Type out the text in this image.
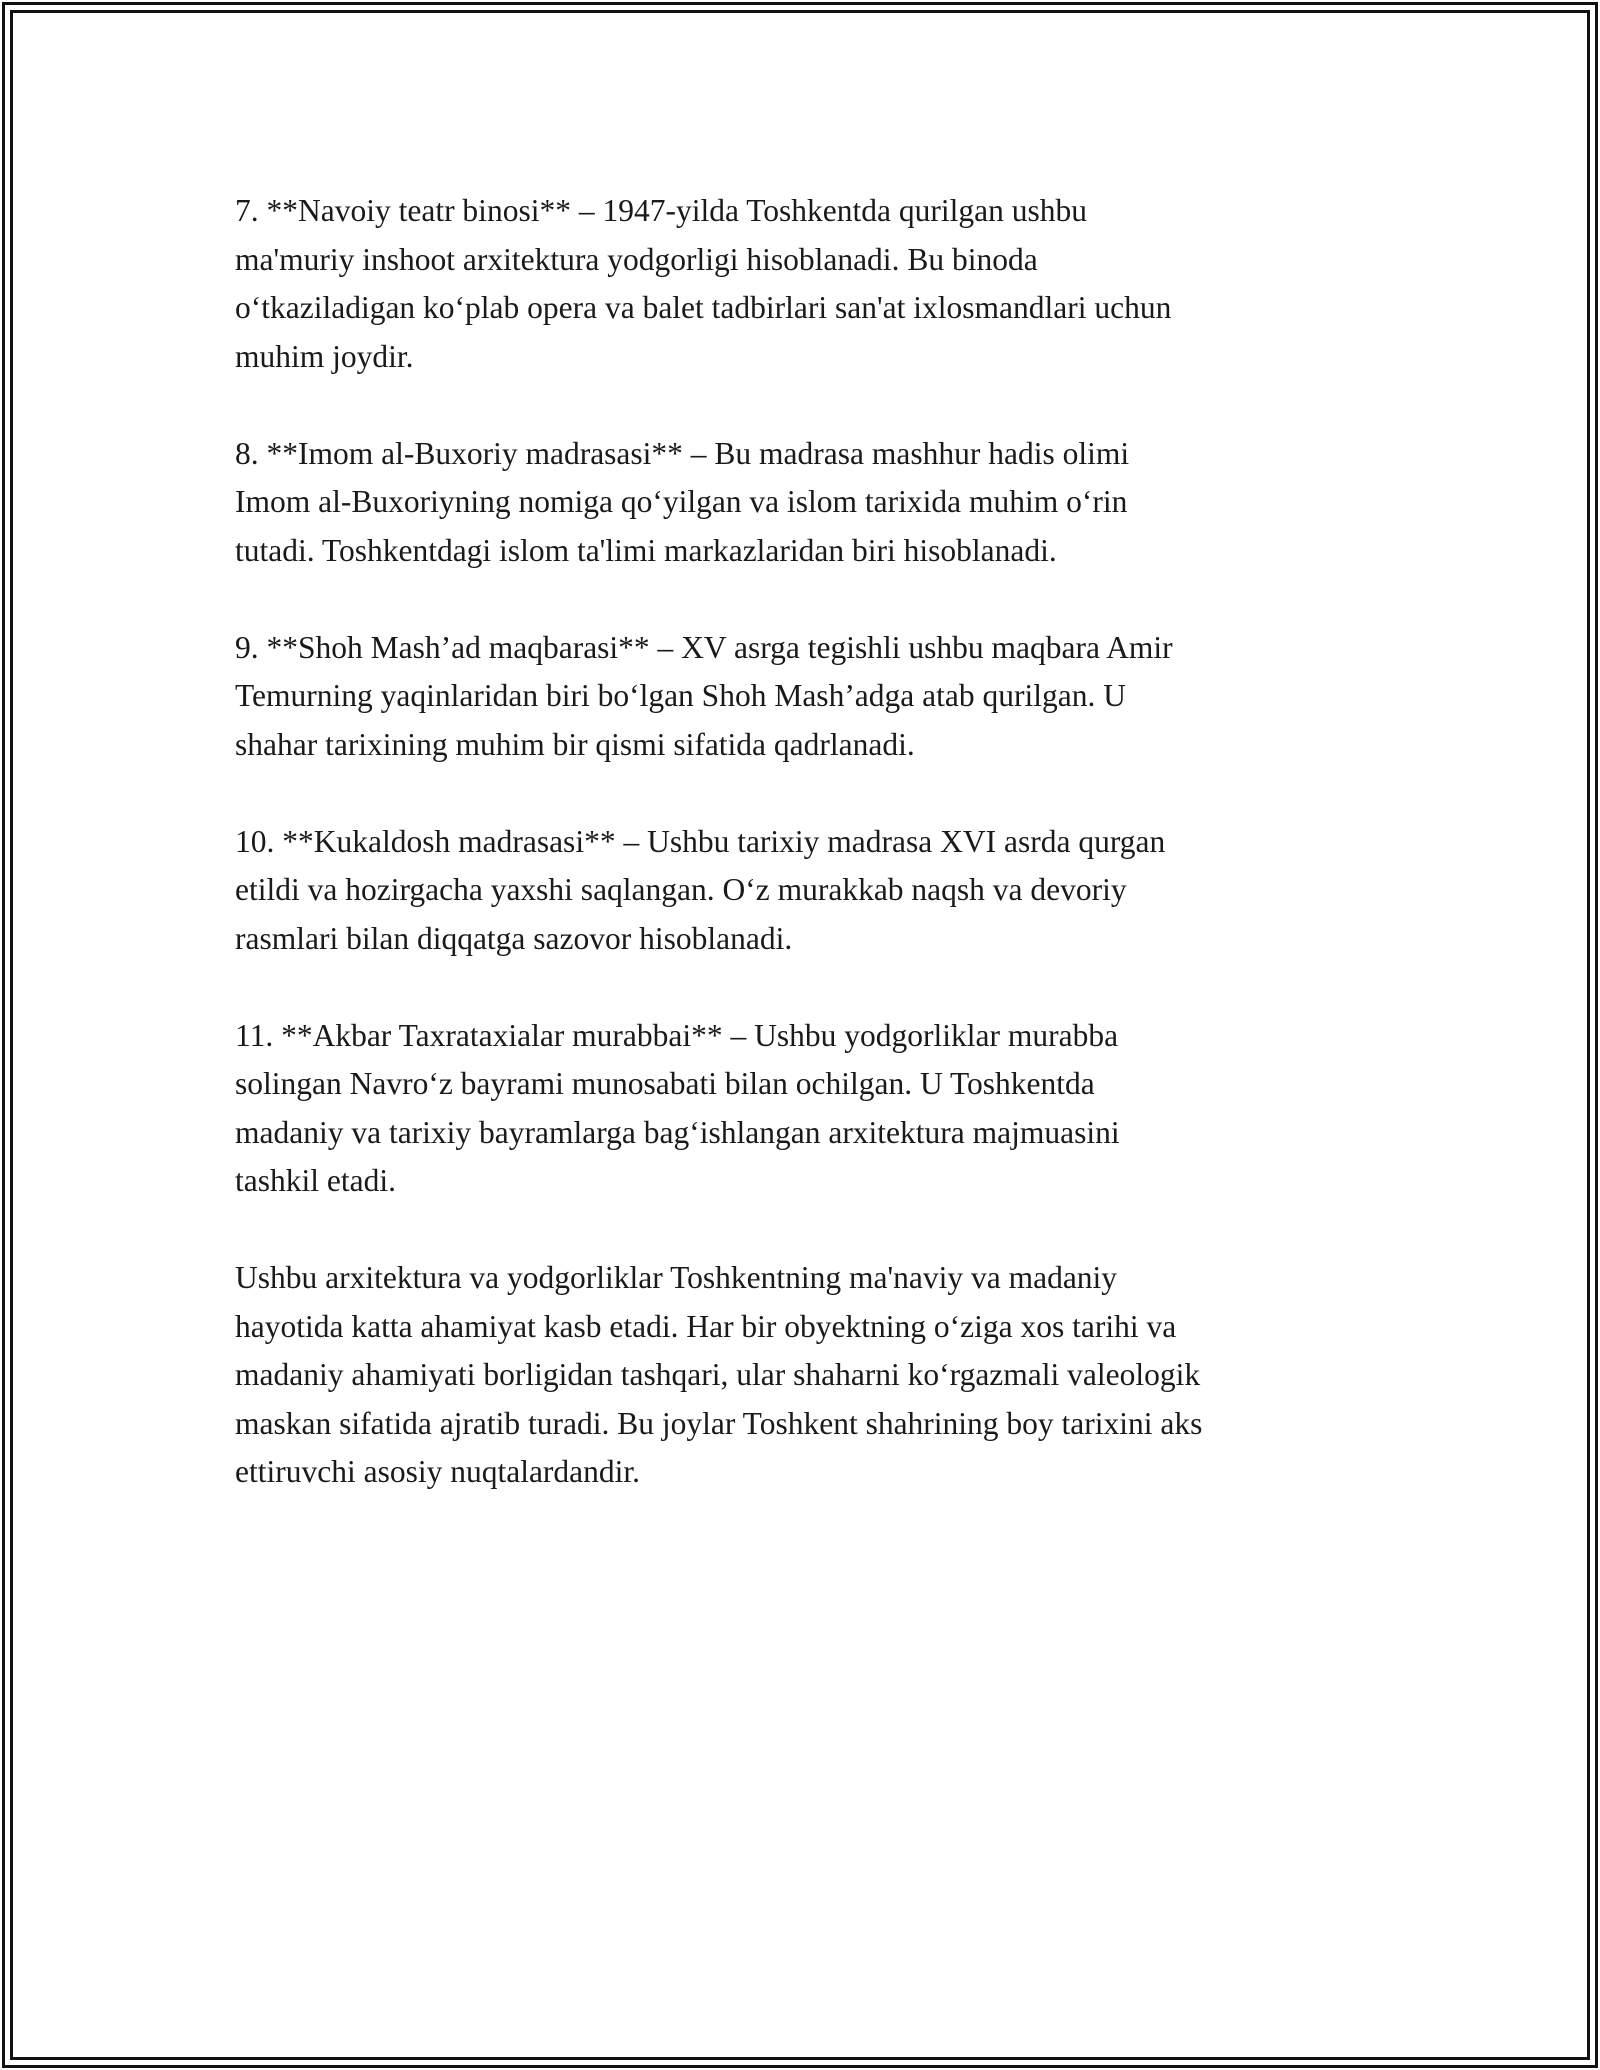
7. **Navoiy teatr binosi** – 1947-yilda Toshkentda qurilgan ushbu
ma'muriy inshoot arxitektura yodgorligi hisoblanadi. Bu binoda
o‘tkaziladigan ko‘plab opera va balet tadbirlari san'at ixlosmandlari uchun
muhim joydir.

8. **Imom al-Buxoriy madrasasi** – Bu madrasa mashhur hadis olimi
Imom al-Buxoriyning nomiga qo‘yilgan va islom tarixida muhim o‘rin
tutadi. Toshkentdagi islom ta'limi markazlaridan biri hisoblanadi.

9. **Shoh Mash’ad maqbarasi** – XV asrga tegishli ushbu maqbara Amir
Temurning yaqinlaridan biri bo‘lgan Shoh Mash’adga atab qurilgan. U
shahar tarixining muhim bir qismi sifatida qadrlanadi.

10. **Kukaldosh madrasasi** – Ushbu tarixiy madrasa XVI asrda qurgan
etildi va hozirgacha yaxshi saqlangan. O‘z murakkab naqsh va devoriy
rasmlari bilan diqqatga sazovor hisoblanadi.

11. **Akbar Taxrataxialar murabbai** – Ushbu yodgorliklar murabba
solingan Navro‘z bayrami munosabati bilan ochilgan. U Toshkentda
madaniy va tarixiy bayramlarga bag‘ishlangan arxitektura majmuasini
tashkil etadi.

Ushbu arxitektura va yodgorliklar Toshkentning ma'naviy va madaniy
hayotida katta ahamiyat kasb etadi. Har bir obyektning o‘ziga xos tarihi va
madaniy ahamiyati borligidan tashqari, ular shaharni ko‘rgazmali valeologik
maskan sifatida ajratib turadi. Bu joylar Toshkent shahrining boy tarixini aks
ettiruvchi asosiy nuqtalardandir.
